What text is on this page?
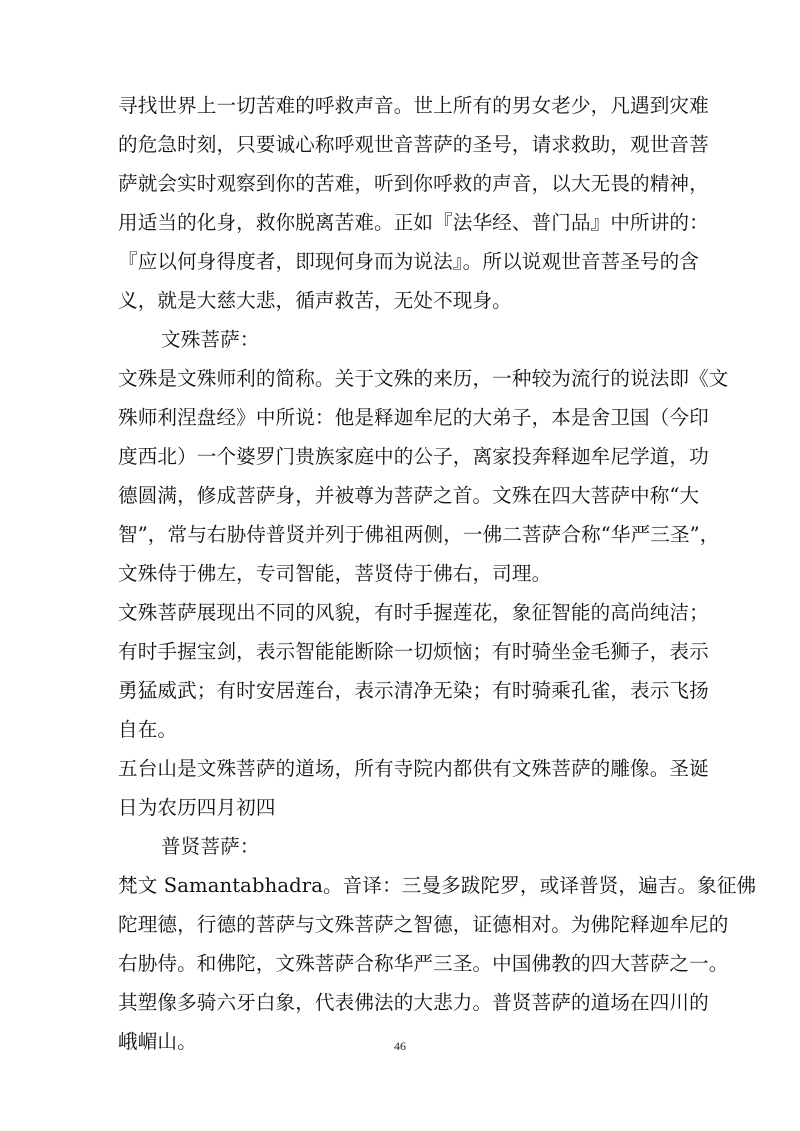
寻找世界上一切苦难的呼救声音。世上所有的男女老少，凡遇到灾难
的危急时刻，只要诚心称呼观世音菩萨的圣号，请求救助，观世音菩
萨就会实时观察到你的苦难，听到你呼救的声音，以大无畏的精神，
用适当的化身，救你脱离苦难。正如『法华经、普门品』中所讲的：
『应以何身得度者，即现何身而为说法』。所以说观世音菩圣号的含
义，就是大慈大悲，循声救苦，无处不现身。
文殊菩萨：
文殊是文殊师利的简称。关于文殊的来历，一种较为流行的说法即《文
殊师利涅盘经》中所说：他是释迦牟尼的大弟子，本是舍卫国（今印
度西北）一个婆罗门贵族家庭中的公子，离家投奔释迦牟尼学道，功
德圆满，修成菩萨身，并被尊为菩萨之首。文殊在四大菩萨中称“大
智”，常与右胁侍普贤并列于佛祖两侧，一佛二菩萨合称“华严三圣”，
文殊侍于佛左，专司智能，菩贤侍于佛右，司理。
文殊菩萨展现出不同的风貌，有时手握莲花，象征智能的高尚纯洁；
有时手握宝剑，表示智能能断除一切烦恼；有时骑坐金毛狮子，表示
勇猛威武；有时安居莲台，表示清净无染；有时骑乘孔雀，表示飞扬
自在。
五台山是文殊菩萨的道场，所有寺院内都供有文殊菩萨的雕像。圣诞
日为农历四月初四
普贤菩萨：
梵文 Samantabhadra。音译：三曼多跋陀罗，或译普贤，遍吉。象征佛
陀理德，行德的菩萨与文殊菩萨之智德，证德相对。为佛陀释迦牟尼的
右胁侍。和佛陀，文殊菩萨合称华严三圣。中国佛教的四大菩萨之一。
其塑像多骑六牙白象，代表佛法的大悲力。普贤菩萨的道场在四川的
峨嵋山。	46
